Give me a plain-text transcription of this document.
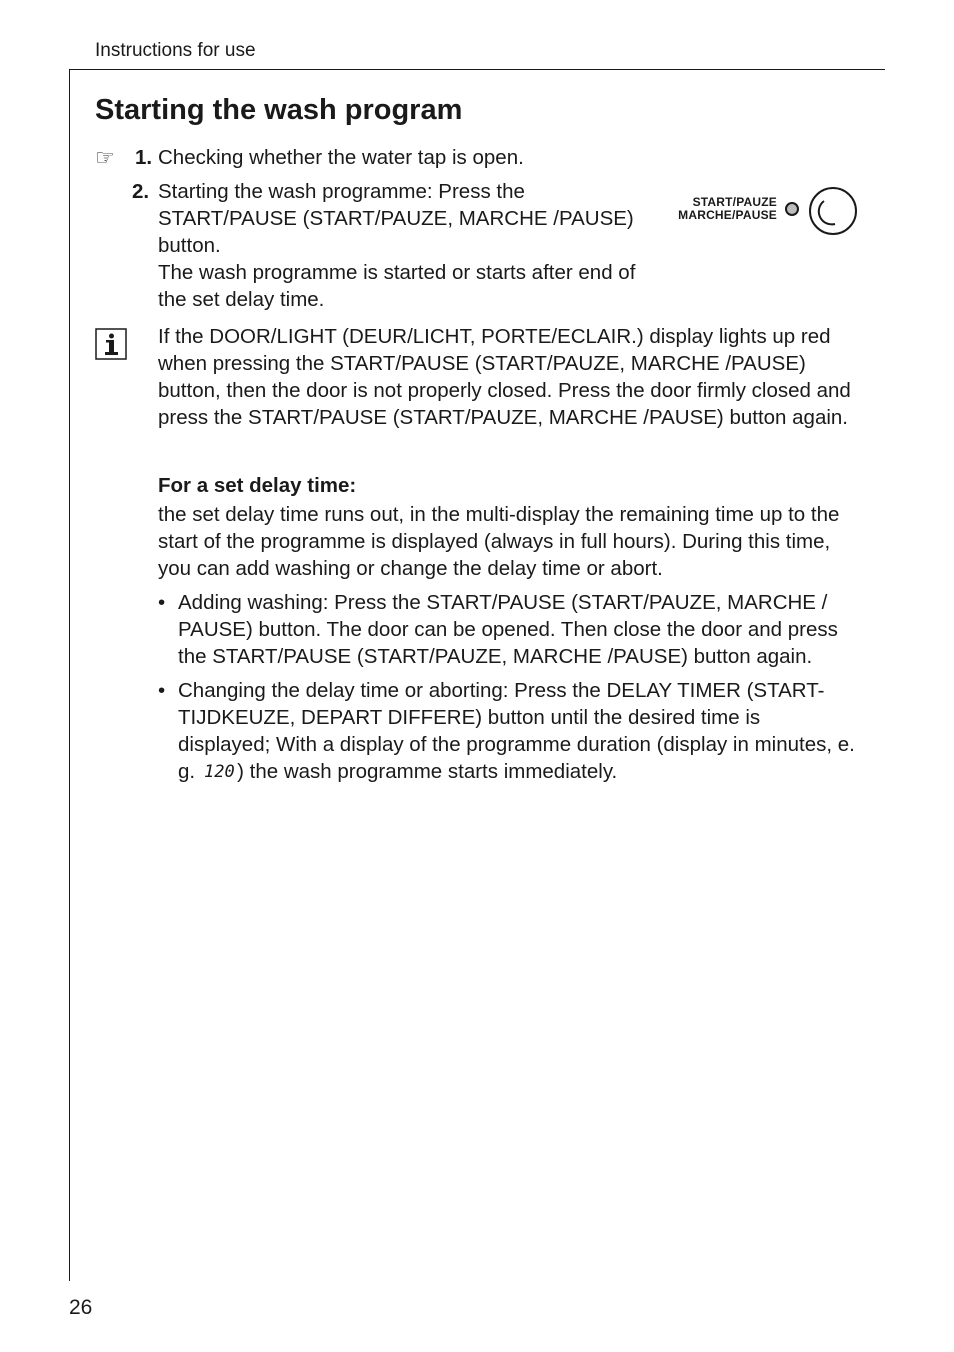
Instructions for use
Starting the wash program
☞ 1. Checking whether the water tap is open.
2. Starting the wash programme: Press the START/PAUSE (START/PAUZE, MARCHE /PAUSE) button.

The wash programme is started or starts after end of the set delay time.

START/PAUZE
MARCHE/PAUSE

If the DOOR/LIGHT (DEUR/LICHT, PORTE/ECLAIR.) display lights up red when pressing the START/PAUSE (START/PAUZE, MARCHE /PAUSE) button, then the door is not properly closed. Press the door firmly closed and press the START/PAUSE (START/PAUZE, MARCHE /PAUSE) button again.

For a set delay time:

the set delay time runs out, in the multi-display the remaining time up to the start of the programme is displayed (always in full hours). During this time, you can add washing or change the delay time or abort.

• Adding washing: Press the START/PAUSE (START/PAUZE, MARCHE / PAUSE) button. The door can be opened. Then close the door and press the START/PAUSE (START/PAUZE, MARCHE /PAUSE) button again.
• Changing the delay time or aborting: Press the DELAY TIMER (START-TIJDKEUZE, DEPART DIFFERE) button until the desired time is displayed; With a display of the programme duration (display in minutes, e. g. 120 ) the wash programme starts immediately.
26
